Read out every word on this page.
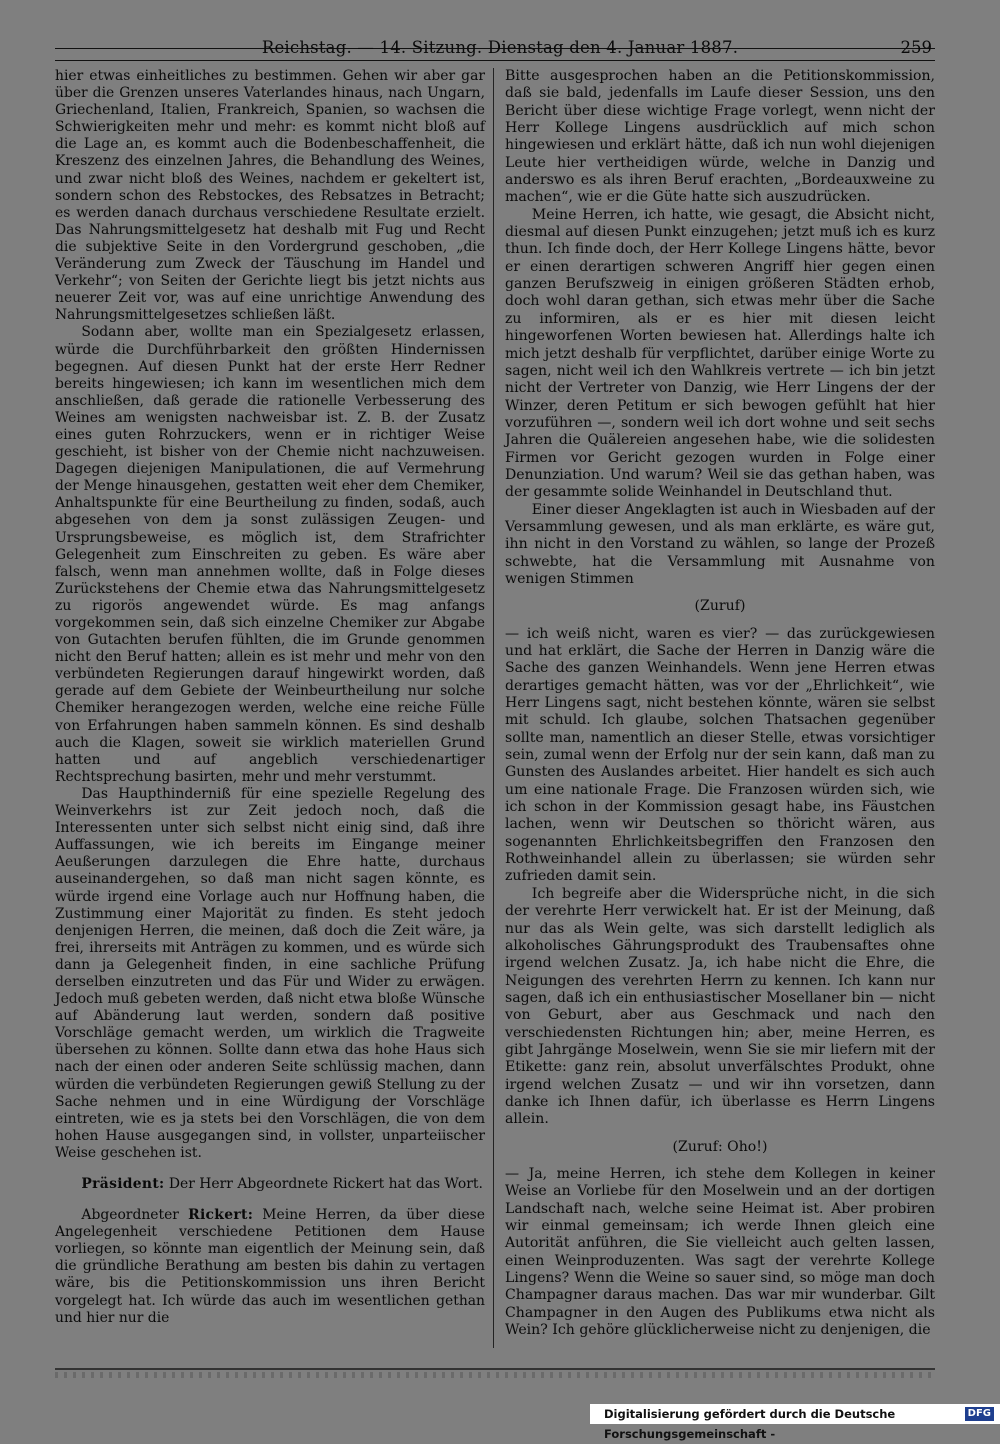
Reichstag. — 14. Sitzung. Dienstag den 4. Januar 1887.	259

hier etwas einheitliches zu bestimmen. Gehen wir aber gar über die Grenzen unseres Vaterlandes hinaus, nach Ungarn, Griechenland, Italien, Frankreich, Spanien, so wachsen die Schwierigkeiten mehr und mehr: es kommt nicht bloß auf die Lage an, es kommt auch die Bodenbeschaffenheit, die Kreszenz des einzelnen Jahres, die Behandlung des Weines, und zwar nicht bloß des Weines, nachdem er gekeltert ist, sondern schon des Rebstockes, des Rebsatzes in Betracht; es werden danach durchaus verschiedene Resultate erzielt. Das Nahrungsmittelgesetz hat deshalb mit Fug und Recht die subjektive Seite in den Vordergrund geschoben, „die Veränderung zum Zweck der Täuschung im Handel und Verkehr“; von Seiten der Gerichte liegt bis jetzt nichts aus neuerer Zeit vor, was auf eine unrichtige Anwendung des Nahrungsmittelgesetzes schließen läßt.

Sodann aber, wollte man ein Spezialgesetz erlassen, würde die Durchführbarkeit den größten Hindernissen begegnen. Auf diesen Punkt hat der erste Herr Redner bereits hingewiesen; ich kann im wesentlichen mich dem anschließen, daß gerade die rationelle Verbesserung des Weines am wenigsten nachweisbar ist. Z. B. der Zusatz eines guten Rohrzuckers, wenn er in richtiger Weise geschieht, ist bisher von der Chemie nicht nachzuweisen. Dagegen diejenigen Manipulationen, die auf Vermehrung der Menge hinausgehen, gestatten weit eher dem Chemiker, Anhaltspunkte für eine Beurtheilung zu finden, sodaß, auch abgesehen von dem ja sonst zulässigen Zeugen- und Ursprungsbeweise, es möglich ist, dem Strafrichter Gelegenheit zum Einschreiten zu geben. Es wäre aber falsch, wenn man annehmen wollte, daß in Folge dieses Zurückstehens der Chemie etwa das Nahrungsmittelgesetz zu rigorös angewendet würde. Es mag anfangs vorgekommen sein, daß sich einzelne Chemiker zur Abgabe von Gutachten berufen fühlten, die im Grunde genommen nicht den Beruf hatten; allein es ist mehr und mehr von den verbündeten Regierungen darauf hingewirkt worden, daß gerade auf dem Gebiete der Weinbeurtheilung nur solche Chemiker herangezogen werden, welche eine reiche Fülle von Erfahrungen haben sammeln können. Es sind deshalb auch die Klagen, soweit sie wirklich materiellen Grund hatten und auf angeblich verschiedenartiger Rechtsprechung basirten, mehr und mehr verstummt.

Das Haupthinderniß für eine spezielle Regelung des Weinverkehrs ist zur Zeit jedoch noch, daß die Interessenten unter sich selbst nicht einig sind, daß ihre Auffassungen, wie ich bereits im Eingange meiner Aeußerungen darzulegen die Ehre hatte, durchaus auseinandergehen, so daß man nicht sagen könnte, es würde irgend eine Vorlage auch nur Hoffnung haben, die Zustimmung einer Majorität zu finden. Es steht jedoch denjenigen Herren, die meinen, daß doch die Zeit wäre, ja frei, ihrerseits mit Anträgen zu kommen, und es würde sich dann ja Gelegenheit finden, in eine sachliche Prüfung derselben einzutreten und das Für und Wider zu erwägen. Jedoch muß gebeten werden, daß nicht etwa bloße Wünsche auf Abänderung laut werden, sondern daß positive Vorschläge gemacht werden, um wirklich die Tragweite übersehen zu können. Sollte dann etwa das hohe Haus sich nach der einen oder anderen Seite schlüssig machen, dann würden die verbündeten Regierungen gewiß Stellung zu der Sache nehmen und in eine Würdigung der Vorschläge eintreten, wie es ja stets bei den Vorschlägen, die von dem hohen Hause ausgegangen sind, in vollster, unparteiischer Weise geschehen ist.

Präsident: Der Herr Abgeordnete Rickert hat das Wort.

Abgeordneter Rickert: Meine Herren, da über diese Angelegenheit verschiedene Petitionen dem Hause vorliegen, so könnte man eigentlich der Meinung sein, daß die gründliche Berathung am besten bis dahin zu vertagen wäre, bis die Petitionskommission uns ihren Bericht vorgelegt hat. Ich würde das auch im wesentlichen gethan und hier nur die

Bitte ausgesprochen haben an die Petitionskommission, daß sie bald, jedenfalls im Laufe dieser Session, uns den Bericht über diese wichtige Frage vorlegt, wenn nicht der Herr Kollege Lingens ausdrücklich auf mich schon hingewiesen und erklärt hätte, daß ich nun wohl diejenigen Leute hier vertheidigen würde, welche in Danzig und anderswo es als ihren Beruf erachten, „Bordeauxweine zu machen“, wie er die Güte hatte sich auszudrücken.

Meine Herren, ich hatte, wie gesagt, die Absicht nicht, diesmal auf diesen Punkt einzugehen; jetzt muß ich es kurz thun. Ich finde doch, der Herr Kollege Lingens hätte, bevor er einen derartigen schweren Angriff hier gegen einen ganzen Berufszweig in einigen größeren Städten erhob, doch wohl daran gethan, sich etwas mehr über die Sache zu informiren, als er es hier mit diesen leicht hingeworfenen Worten bewiesen hat. Allerdings halte ich mich jetzt deshalb für verpflichtet, darüber einige Worte zu sagen, nicht weil ich den Wahlkreis vertrete — ich bin jetzt nicht der Vertreter von Danzig, wie Herr Lingens der der Winzer, deren Petitum er sich bewogen gefühlt hat hier vorzuführen —, sondern weil ich dort wohne und seit sechs Jahren die Quälereien angesehen habe, wie die solidesten Firmen vor Gericht gezogen wurden in Folge einer Denunziation. Und warum? Weil sie das gethan haben, was der gesammte solide Weinhandel in Deutschland thut.

Einer dieser Angeklagten ist auch in Wiesbaden auf der Versammlung gewesen, und als man erklärte, es wäre gut, ihn nicht in den Vorstand zu wählen, so lange der Prozeß schwebte, hat die Versammlung mit Ausnahme von wenigen Stimmen

(Zuruf)

— ich weiß nicht, waren es vier? — das zurückgewiesen und hat erklärt, die Sache der Herren in Danzig wäre die Sache des ganzen Weinhandels. Wenn jene Herren etwas derartiges gemacht hätten, was vor der „Ehrlichkeit“, wie Herr Lingens sagt, nicht bestehen könnte, wären sie selbst mit schuld. Ich glaube, solchen Thatsachen gegenüber sollte man, namentlich an dieser Stelle, etwas vorsichtiger sein, zumal wenn der Erfolg nur der sein kann, daß man zu Gunsten des Auslandes arbeitet. Hier handelt es sich auch um eine nationale Frage. Die Franzosen würden sich, wie ich schon in der Kommission gesagt habe, ins Fäustchen lachen, wenn wir Deutschen so thöricht wären, aus sogenannten Ehrlichkeitsbegriffen den Franzosen den Rothweinhandel allein zu überlassen; sie würden sehr zufrieden damit sein.

Ich begreife aber die Widersprüche nicht, in die sich der verehrte Herr verwickelt hat. Er ist der Meinung, daß nur das als Wein gelte, was sich darstellt lediglich als alkoholisches Gährungsprodukt des Traubensaftes ohne irgend welchen Zusatz. Ja, ich habe nicht die Ehre, die Neigungen des verehrten Herrn zu kennen. Ich kann nur sagen, daß ich ein enthusiastischer Mosellaner bin — nicht von Geburt, aber aus Geschmack und nach den verschiedensten Richtungen hin; aber, meine Herren, es gibt Jahrgänge Moselwein, wenn Sie sie mir liefern mit der Etikette: ganz rein, absolut unverfälschtes Produkt, ohne irgend welchen Zusatz — und wir ihn vorsetzen, dann danke ich Ihnen dafür, ich überlasse es Herrn Lingens allein.

(Zuruf: Oho!)

— Ja, meine Herren, ich stehe dem Kollegen in keiner Weise an Vorliebe für den Moselwein und an der dortigen Landschaft nach, welche seine Heimat ist. Aber probiren wir einmal gemeinsam; ich werde Ihnen gleich eine Autorität anführen, die Sie vielleicht auch gelten lassen, einen Weinproduzenten. Was sagt der verehrte Kollege Lingens? Wenn die Weine so sauer sind, so möge man doch Champagner daraus machen. Das war mir wunderbar. Gilt Champagner in den Augen des Publikums etwa nicht als Wein? Ich gehöre glücklicherweise nicht zu denjenigen, die

Digitalisierung gefördert durch die Deutsche Forschungsgemeinschaft -
DFG
